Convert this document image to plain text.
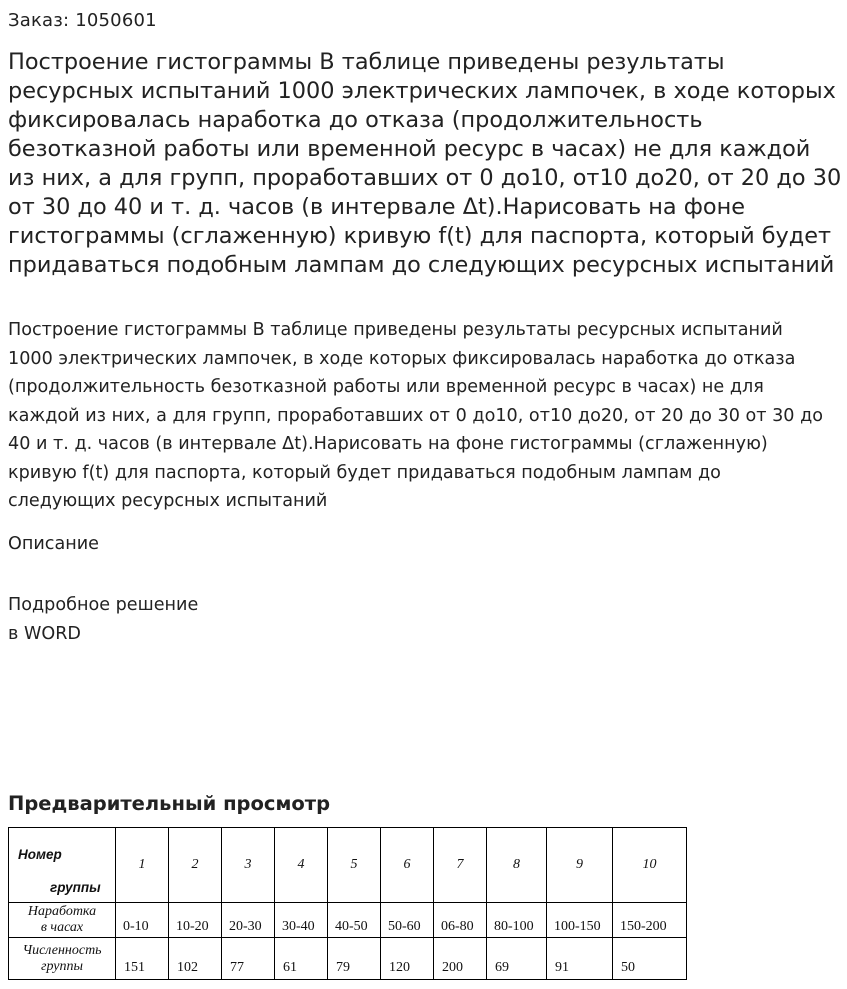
Заказ: 1050601
Построение гистограммы В таблице приведены результаты ресурсных испытаний 1000 электрических лампочек, в ходе которых фиксировалась наработка до отказа (продолжительность безотказной работы или временной ресурс в часах) не для каждой из них, а для групп, проработавших от 0 до10, от10 до20, от 20 до 30 от 30 до 40 и т. д. часов (в интервале Δt).Нарисовать на фоне гистограммы (сглаженную) кривую f(t) для паспорта, который будет придаваться подобным лампам до следующих ресурсных испытаний

Построение гистограммы В таблице приведены результаты ресурсных испытаний 1000 электрических лампочек, в ходе которых фиксировалась наработка до отказа (продолжительность безотказной работы или временной ресурс в часах) не для каждой из них, а для групп, проработавших от 0 до10, от10 до20, от 20 до 30 от 30 до 40 и т. д. часов (в интервале Δt).Нарисовать на фоне гистограммы (сглаженную) кривую f(t) для паспорта, который будет придаваться подобным лампам до следующих ресурсных испытаний

Описание
Подробное решение
в WORD
Предварительный просмотр
Номер
группы	1	2	3	4	5	6	7	8	9	10

Наработка
в часах	0-10	10-20	20-30	30-40	40-50	50-60	06-80	80-100	100-150	150-200

Численность
группы	151	102	77	61	79	120	200	69	91	50
